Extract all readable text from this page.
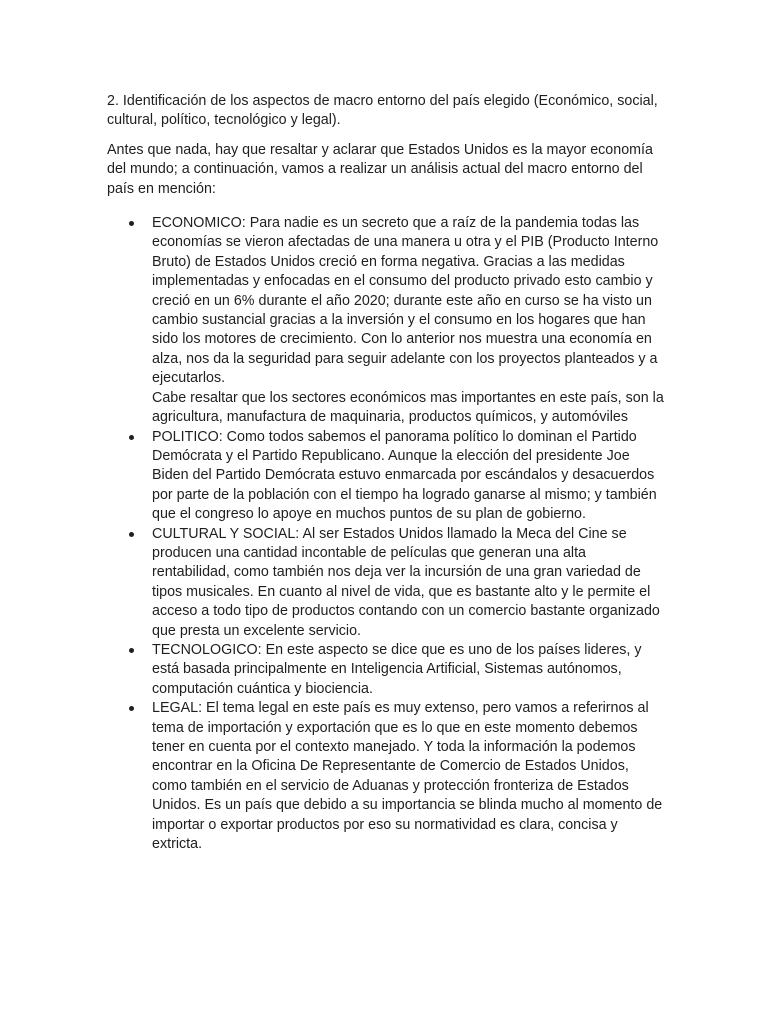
2. Identificación de los aspectos de macro entorno del país elegido (Económico, social, cultural, político, tecnológico y legal).

Antes que nada, hay que resaltar y aclarar que Estados Unidos es la mayor economía del mundo; a continuación, vamos a realizar un análisis actual del macro entorno del país en mención:

ECONOMICO: Para nadie es un secreto que a raíz de la pandemia todas las economías se vieron afectadas de una manera u otra y el PIB (Producto Interno Bruto) de Estados Unidos creció en forma negativa. Gracias a las medidas implementadas y enfocadas en el consumo del producto privado esto cambio y creció en un 6% durante el año 2020; durante este año en curso se ha visto un cambio sustancial gracias a la inversión y el consumo en los hogares que han sido los motores de crecimiento. Con lo anterior nos muestra una economía en alza, nos da la seguridad para seguir adelante con los proyectos planteados y a ejecutarlos.

Cabe resaltar que los sectores económicos mas importantes en este país, son la agricultura, manufactura de maquinaria, productos químicos, y automóviles

POLITICO: Como todos sabemos el panorama político lo dominan el Partido Demócrata y el Partido Republicano. Aunque la elección del presidente Joe Biden del Partido Demócrata estuvo enmarcada por escándalos y desacuerdos por parte de la población con el tiempo ha logrado ganarse al mismo; y también que el congreso lo apoye en muchos puntos de su plan de gobierno.

CULTURAL Y SOCIAL: Al ser Estados Unidos llamado la Meca del Cine se producen una cantidad incontable de películas que generan una alta rentabilidad, como también nos deja ver la incursión de una gran variedad de tipos musicales. En cuanto al nivel de vida, que es bastante alto y le permite el acceso a todo tipo de productos contando con un comercio bastante organizado que presta un excelente servicio.

TECNOLOGICO: En este aspecto se dice que es uno de los países lideres, y está basada principalmente en Inteligencia Artificial, Sistemas autónomos, computación cuántica y biociencia.

LEGAL: El tema legal en este país es muy extenso, pero vamos a referirnos al tema de importación y exportación que es lo que en este momento debemos tener en cuenta por el contexto manejado. Y toda la información la podemos encontrar en la Oficina De Representante de Comercio de Estados Unidos, como también en el servicio de Aduanas y protección fronteriza de Estados Unidos. Es un país que debido a su importancia se blinda mucho al momento de importar o exportar productos por eso su normatividad es clara, concisa y extricta.
